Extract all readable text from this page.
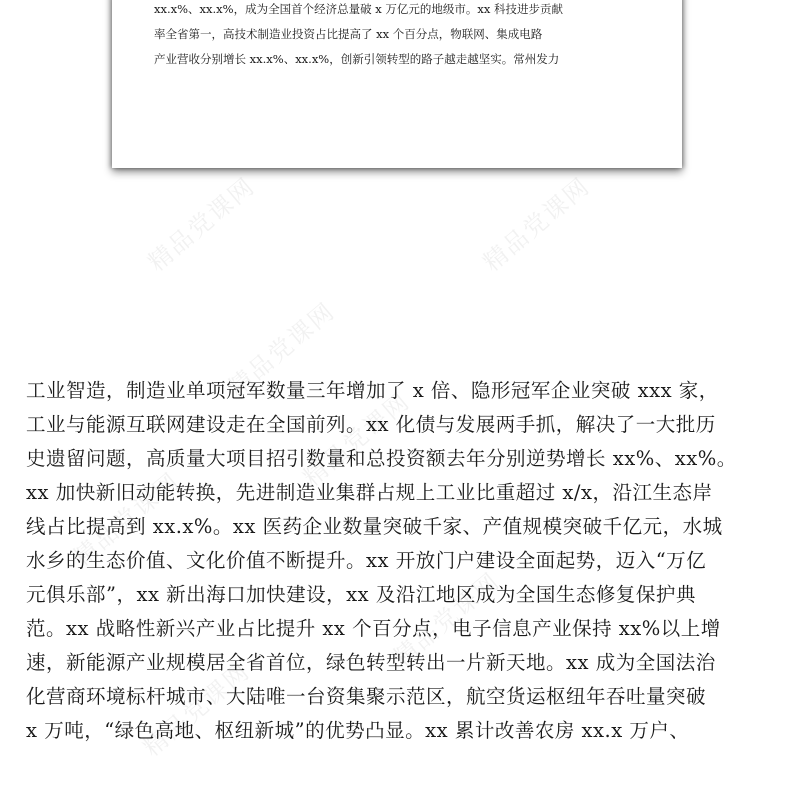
xx.x%、xx.x%，成为全国首个经济总量破 x 万亿元的地级市。xx 科技进步贡献
率全省第一，高技术制造业投资占比提高了 xx 个百分点，物联网、集成电路
产业营收分别增长 xx.x%、xx.x%，创新引领转型的路子越走越坚实。常州发力
精品党课网	精品党课网
精品党课网
精品党课网
精品党课网
精品党课网
精品党课网
工业智造，制造业单项冠军数量三年增加了 x 倍、隐形冠军企业突破 xxx 家，
工业与能源互联网建设走在全国前列。xx 化债与发展两手抓，解决了一大批历
史遗留问题，高质量大项目招引数量和总投资额去年分别逆势增长 xx%、xx%。
xx 加快新旧动能转换，先进制造业集群占规上工业比重超过 x/x，沿江生态岸
线占比提高到 xx.x%。xx 医药企业数量突破千家、产值规模突破千亿元，水城
水乡的生态价值、文化价值不断提升。xx 开放门户建设全面起势，迈入“万亿
元俱乐部”，xx 新出海口加快建设，xx 及沿江地区成为全国生态修复保护典
范。xx 战略性新兴产业占比提升 xx 个百分点，电子信息产业保持 xx%以上增
速，新能源产业规模居全省首位，绿色转型转出一片新天地。xx 成为全国法治
化营商环境标杆城市、大陆唯一台资集聚示范区，航空货运枢纽年吞吐量突破
x 万吨，“绿色高地、枢纽新城”的优势凸显。xx 累计改善农房 xx.x 万户、
